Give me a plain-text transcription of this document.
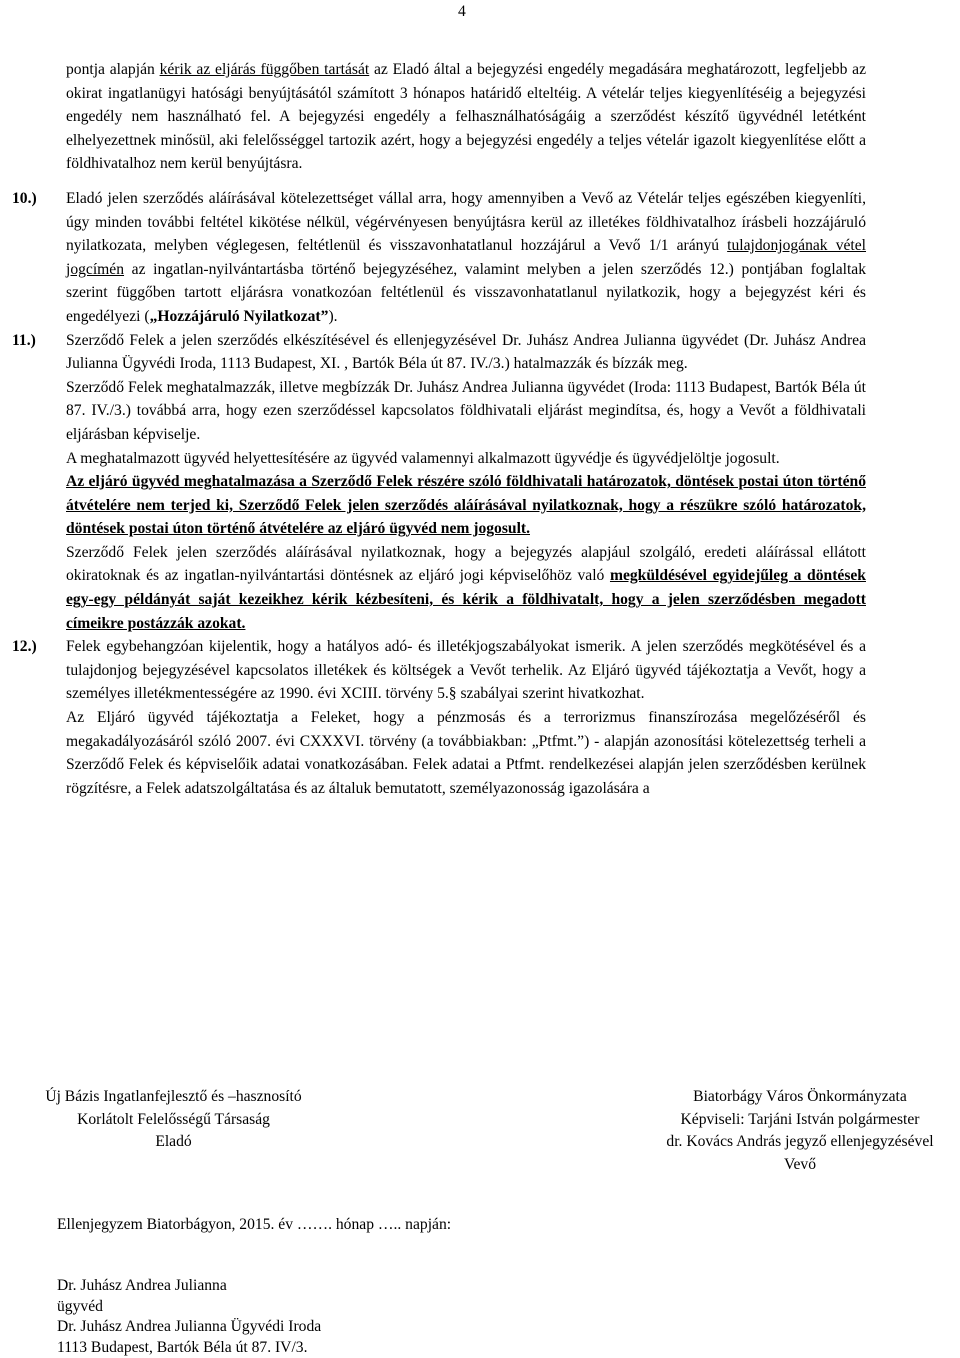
4

pontja alapján kérik az eljárás függőben tartását az Eladó által a bejegyzési engedély megadására meghatározott, legfeljebb az okirat ingatlanügyi hatósági benyújtásától számított 3 hónapos határidő elteltéig. A vételár teljes kiegyenlítéséig a bejegyzési engedély nem használható fel. A bejegyzési engedély a felhasználhatóságáig a szerződést készítő ügyvédnél letétként elhelyezettnek minősül, aki felelősséggel tartozik azért, hogy a bejegyzési engedély a teljes vételár igazolt kiegyenlítése előtt a földhivatalhoz nem kerül benyújtásra.

10.) Eladó jelen szerződés aláírásával kötelezettséget vállal arra, hogy amennyiben a Vevő az Vételár teljes egészében kiegyenlíti, úgy minden további feltétel kikötése nélkül, végérvényesen benyújtásra kerül az illetékes földhivatalhoz írásbeli hozzájáruló nyilatkozata, melyben véglegesen, feltétlenül és visszavonhatatlanul hozzájárul a Vevő 1/1 arányú tulajdonjogának vétel jogcímén az ingatlan-nyilvántartásba történő bejegyzéséhez, valamint melyben a jelen szerződés 12.) pontjában foglaltak szerint függőben tartott eljárásra vonatkozóan feltétlenül és visszavonhatatlanul nyilatkozik, hogy a bejegyzést kéri és engedélyezi („Hozzájáruló Nyilatkozat”).

11.) Szerződő Felek a jelen szerződés elkészítésével és ellenjegyzésével Dr. Juhász Andrea Julianna ügyvédet (Dr. Juhász Andrea Julianna Ügyvédi Iroda, 1113 Budapest, XI. , Bartók Béla út 87. IV./3.) hatalmazzák és bízzák meg.

Szerződő Felek meghatalmazzák, illetve megbízzák Dr. Juhász Andrea Julianna ügyvédet (Iroda: 1113 Budapest, Bartók Béla út 87. IV./3.) továbbá arra, hogy ezen szerződéssel kapcsolatos földhivatali eljárást megindítsa, és, hogy a Vevőt a földhivatali eljárásban képviselje.

A meghatalmazott ügyvéd helyettesítésére az ügyvéd valamennyi alkalmazott ügyvédje és ügyvédjelöltje jogosult.

Az eljáró ügyvéd meghatalmazása a Szerződő Felek részére szóló földhivatali határozatok, döntések postai úton történő átvételére nem terjed ki, Szerződő Felek jelen szerződés aláírásával nyilatkoznak, hogy a részükre szóló határozatok, döntések postai úton történő átvételére az eljáró ügyvéd nem jogosult.

Szerződő Felek jelen szerződés aláírásával nyilatkoznak, hogy a bejegyzés alapjául szolgáló, eredeti aláírással ellátott okiratoknak és az ingatlan-nyilvántartási döntésnek az eljáró jogi képviselőhöz való megküldésével egyidejűleg a döntések egy-egy példányát saját kezeikhez kérik kézbesíteni, és kérik a földhivatalt, hogy a jelen szerződésben megadott címeikre postázzák azokat.

12.) Felek egybehangzóan kijelentik, hogy a hatályos adó- és illetékjogszabályokat ismerik. A jelen szerződés megkötésével és a tulajdonjog bejegyzésével kapcsolatos illetékek és költségek a Vevőt terhelik. Az Eljáró ügyvéd tájékoztatja a Vevőt, hogy a személyes illetékmentességére az 1990. évi XCIII. törvény 5.§ szabályai szerint hivatkozhat.

Az Eljáró ügyvéd tájékoztatja a Feleket, hogy a pénzmosás és a terrorizmus finanszírozása megelőzéséről és megakadályozásáról szóló 2007. évi CXXXVI. törvény (a továbbiakban: „Ptfmt.”) - alapján azonosítási kötelezettség terheli a Szerződő Felek és képviselőik adatai vonatkozásában. Felek adatai a Ptfmt. rendelkezései alapján jelen szerződésben kerülnek rögzítésre, a Felek adatszolgáltatása és az általuk bemutatott, személyazonosság igazolására a

Új Bázis Ingatlanfejlesztő és –hasznosító
Korlátolt Felelősségű Társaság
Eladó
Biatorbágy Város Önkormányzata
Képviseli: Tarjáni István polgármester
dr. Kovács András jegyző ellenjegyzésével
Vevő
Ellenjegyzem Biatorbágyon, 2015. év ……. hónap ….. napján:
Dr. Juhász Andrea Julianna
ügyvéd
Dr. Juhász Andrea Julianna Ügyvédi Iroda
1113 Budapest, Bartók Béla út 87. IV/3.
